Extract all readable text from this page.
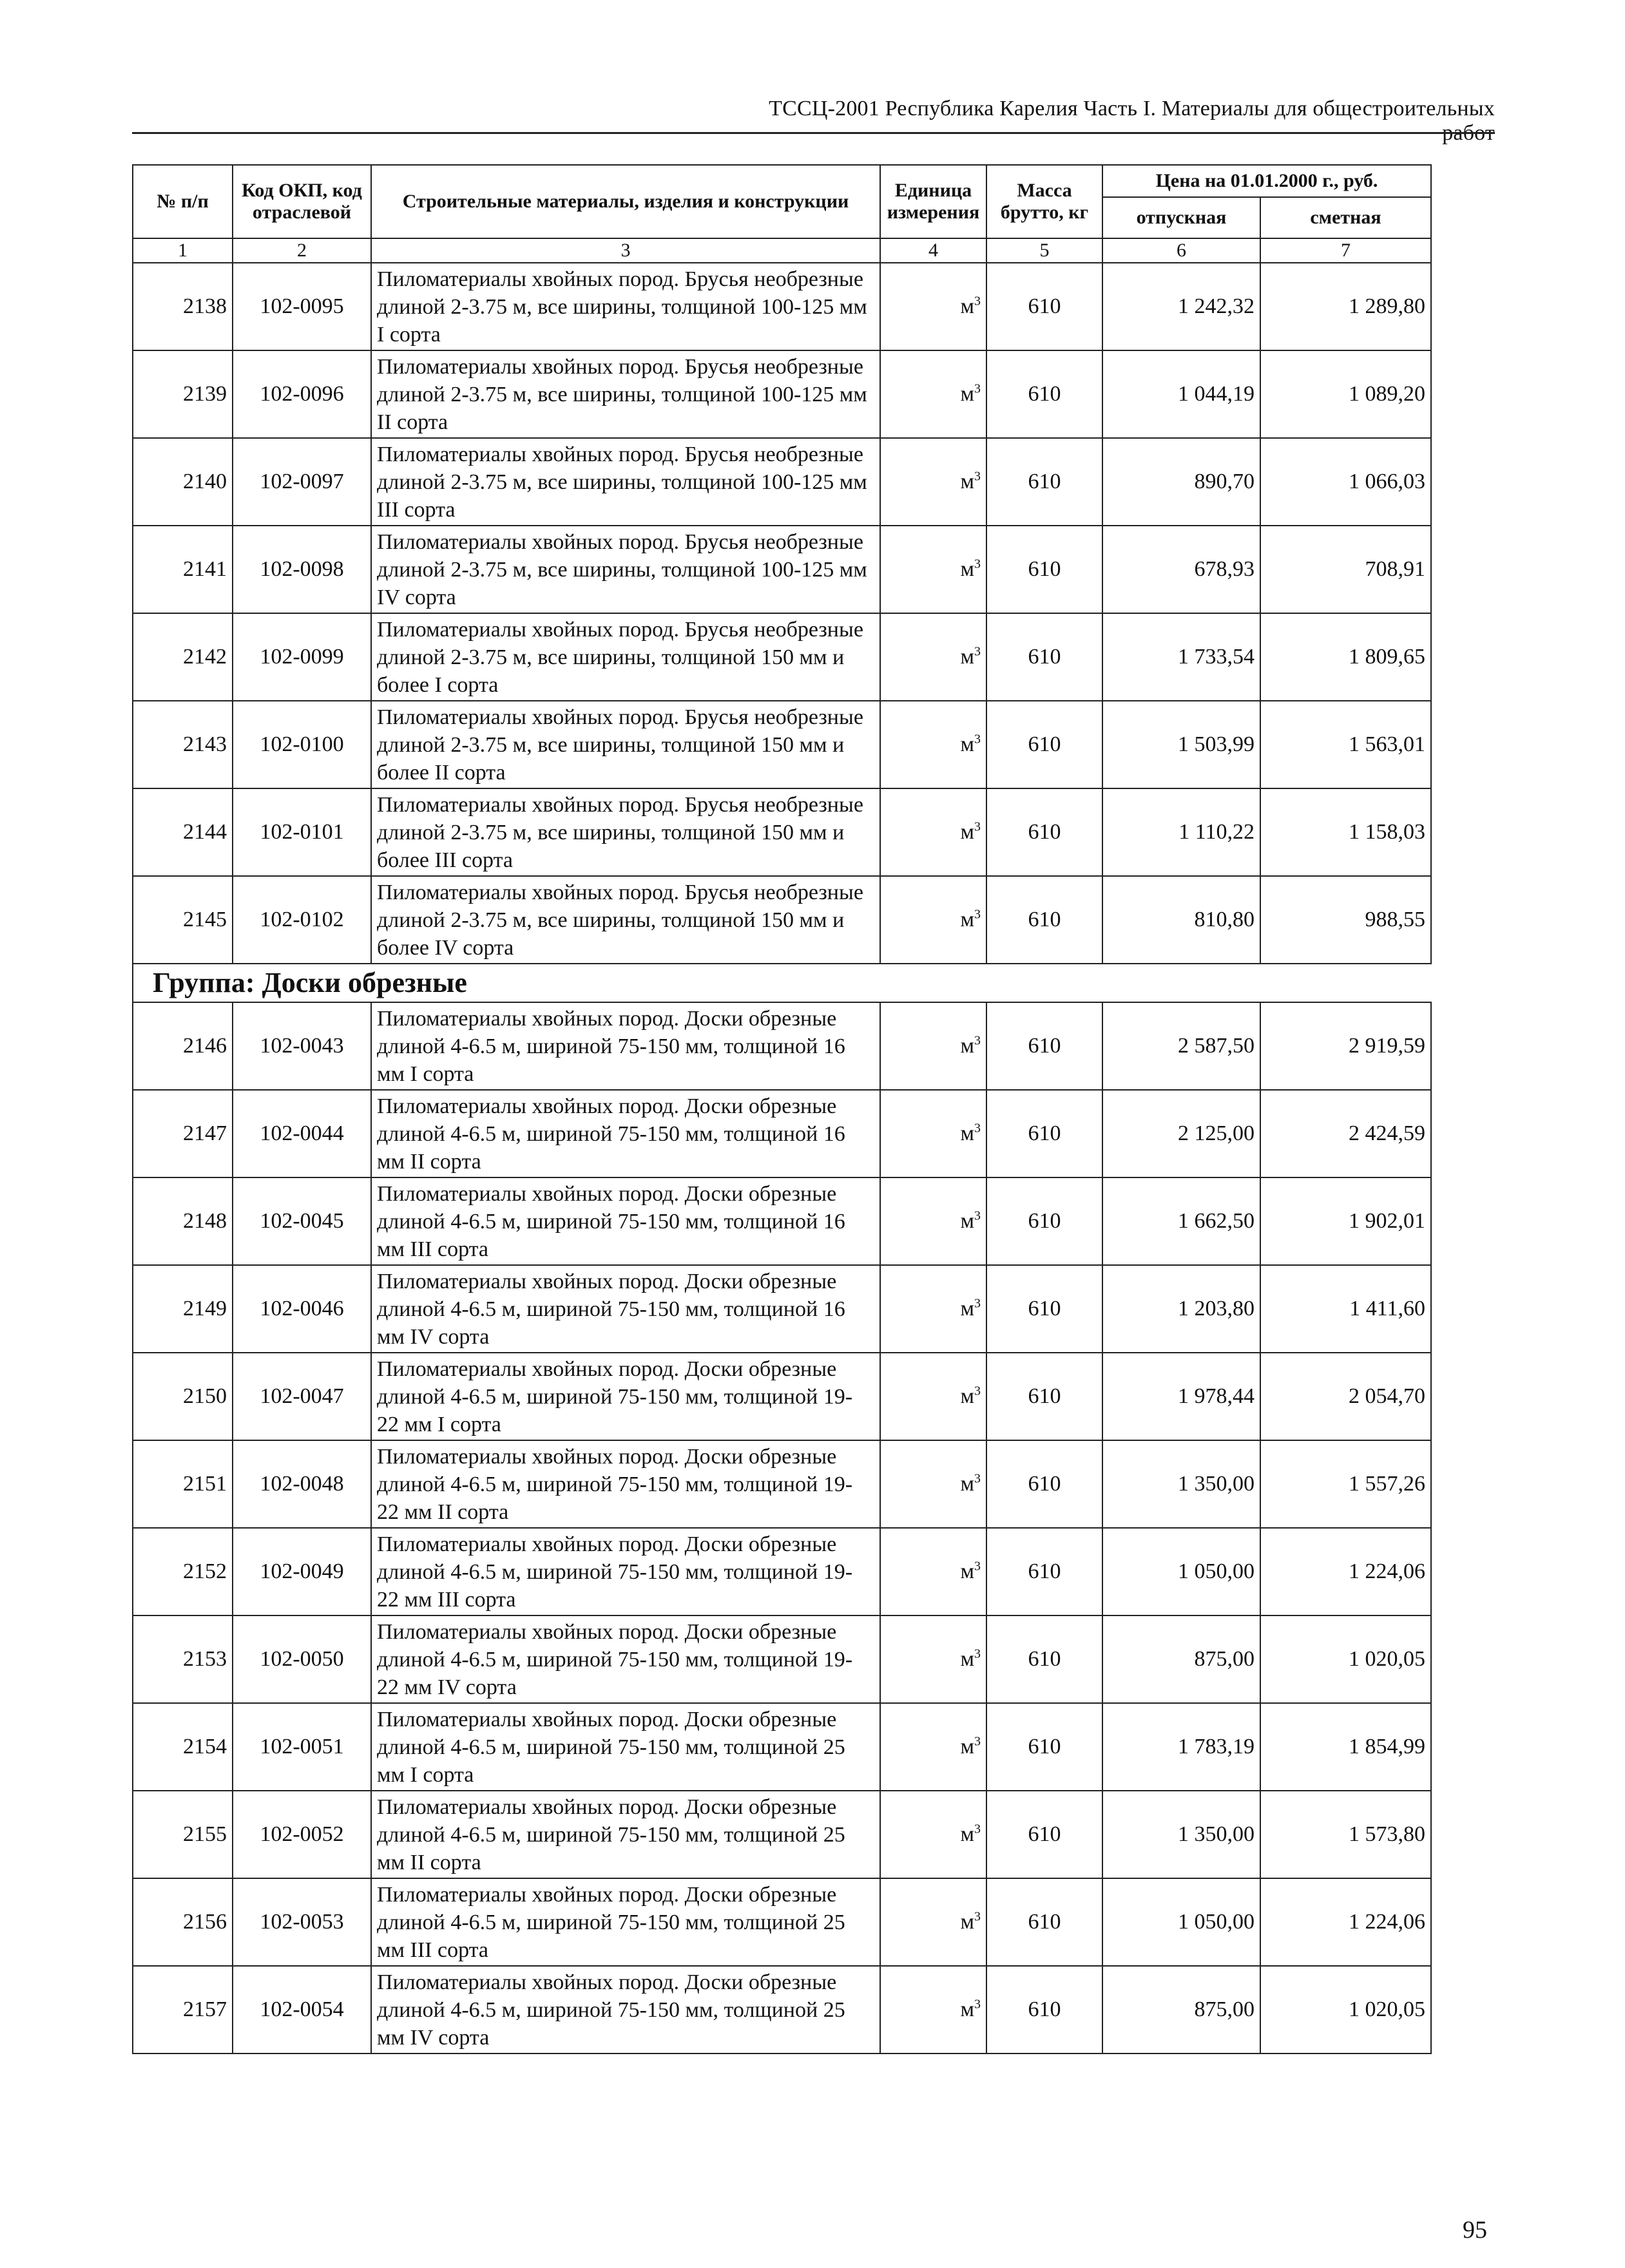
ТССЦ-2001 Республика Карелия Часть I. Материалы для общестроительных работ
№ п/п	Код ОКП, код отраслевой	Строительные материалы, изделия и конструкции	Единица измерения	Масса брутто, кг	Цена на 01.01.2000 г., руб.	
					отпускная	сметная
1	2	3	4	5	6	7
2138	102-0095	Пиломатериалы хвойных пород. Брусья необрезные длиной 2-3.75 м, все ширины, толщиной 100-125 мм I сорта	$м^3$	610	1 242,32	1 289,80
2139	102-0096	Пиломатериалы хвойных пород. Брусья необрезные длиной 2-3.75 м, все ширины, толщиной 100-125 мм II сорта	$м^3$	610	1 044,19	1 089,20
2140	102-0097	Пиломатериалы хвойных пород. Брусья необрезные длиной 2-3.75 м, все ширины, толщиной 100-125 мм III сорта	$м^3$	610	890,70	1 066,03
2141	102-0098	Пиломатериалы хвойных пород. Брусья необрезные длиной 2-3.75 м, все ширины, толщиной 100-125 мм IV сорта	$м^3$	610	678,93	708,91
2142	102-0099	Пиломатериалы хвойных пород. Брусья необрезные длиной 2-3.75 м, все ширины, толщиной 150 мм и более I сорта	$м^3$	610	1 733,54	1 809,65
2143	102-0100	Пиломатериалы хвойных пород. Брусья необрезные длиной 2-3.75 м, все ширины, толщиной 150 мм и более II сорта	$м^3$	610	1 503,99	1 563,01
2144	102-0101	Пиломатериалы хвойных пород. Брусья необрезные длиной 2-3.75 м, все ширины, толщиной 150 мм и более III сорта	$м^3$	610	1 110,22	1 158,03
2145	102-0102	Пиломатериалы хвойных пород. Брусья необрезные длиной 2-3.75 м, все ширины, толщиной 150 мм и более IV сорта	$м^3$	610	810,80	988,55
Группа: Доски обрезные
2146	102-0043	Пиломатериалы хвойных пород. Доски обрезные длиной 4-6.5 м, шириной 75-150 мм, толщиной 16 мм I сорта	$м^3$	610	2 587,50	2 919,59
2147	102-0044	Пиломатериалы хвойных пород. Доски обрезные длиной 4-6.5 м, шириной 75-150 мм, толщиной 16 мм II сорта	$м^3$	610	2 125,00	2 424,59
2148	102-0045	Пиломатериалы хвойных пород. Доски обрезные длиной 4-6.5 м, шириной 75-150 мм, толщиной 16 мм III сорта	$м^3$	610	1 662,50	1 902,01
2149	102-0046	Пиломатериалы хвойных пород. Доски обрезные длиной 4-6.5 м, шириной 75-150 мм, толщиной 16 мм IV сорта	$м^3$	610	1 203,80	1 411,60
2150	102-0047	Пиломатериалы хвойных пород. Доски обрезные длиной 4-6.5 м, шириной 75-150 мм, толщиной 19-22 мм I сорта	$м^3$	610	1 978,44	2 054,70
2151	102-0048	Пиломатериалы хвойных пород. Доски обрезные длиной 4-6.5 м, шириной 75-150 мм, толщиной 19-22 мм II сорта	$м^3$	610	1 350,00	1 557,26
2152	102-0049	Пиломатериалы хвойных пород. Доски обрезные длиной 4-6.5 м, шириной 75-150 мм, толщиной 19-22 мм III сорта	$м^3$	610	1 050,00	1 224,06
2153	102-0050	Пиломатериалы хвойных пород. Доски обрезные длиной 4-6.5 м, шириной 75-150 мм, толщиной 19-22 мм IV сорта	$м^3$	610	875,00	1 020,05
2154	102-0051	Пиломатериалы хвойных пород. Доски обрезные длиной 4-6.5 м, шириной 75-150 мм, толщиной 25 мм I сорта	$м^3$	610	1 783,19	1 854,99
2155	102-0052	Пиломатериалы хвойных пород. Доски обрезные длиной 4-6.5 м, шириной 75-150 мм, толщиной 25 мм II сорта	$м^3$	610	1 350,00	1 573,80
2156	102-0053	Пиломатериалы хвойных пород. Доски обрезные длиной 4-6.5 м, шириной 75-150 мм, толщиной 25 мм III сорта	$м^3$	610	1 050,00	1 224,06
2157	102-0054	Пиломатериалы хвойных пород. Доски обрезные длиной 4-6.5 м, шириной 75-150 мм, толщиной 25 мм IV сорта	$м^3$	610	875,00	1 020,05
95
